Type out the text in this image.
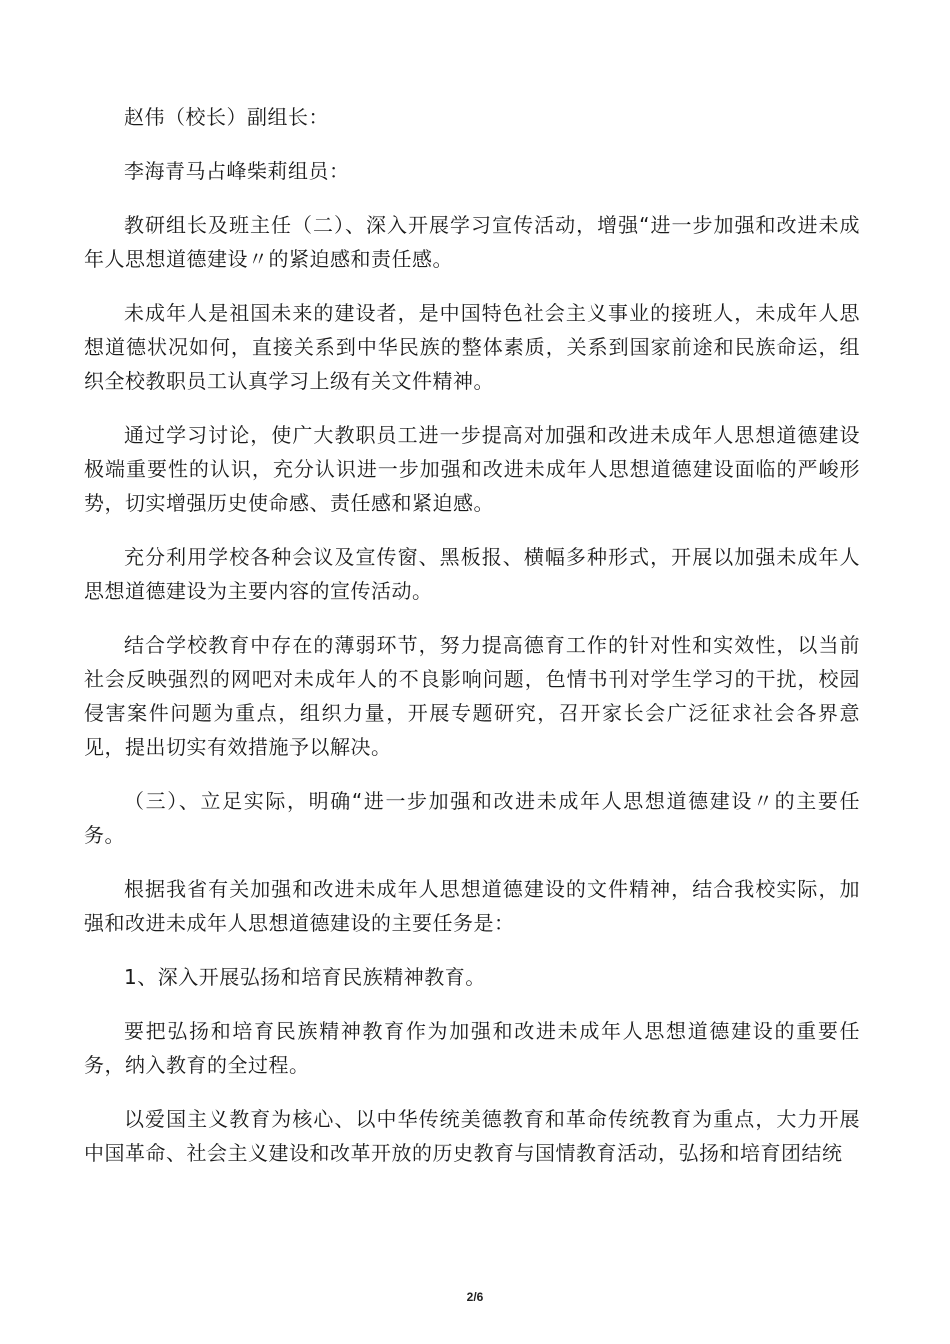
赵伟（校长）副组长：

李海青马占峰柴莉组员：

教研组长及班主任（二）、深入开展学习宣传活动，增强“进一步加强和改进未成年人思想道德建设〃的紧迫感和责任感。

未成年人是祖国未来的建设者，是中国特色社会主义事业的接班人，未成年人思想道德状况如何，直接关系到中华民族的整体素质，关系到国家前途和民族命运，组织全校教职员工认真学习上级有关文件精神。

通过学习讨论，使广大教职员工进一步提高对加强和改进未成年人思想道德建设极端重要性的认识，充分认识进一步加强和改进未成年人思想道德建设面临的严峻形势，切实增强历史使命感、责任感和紧迫感。

充分利用学校各种会议及宣传窗、黑板报、横幅多种形式，开展以加强未成年人思想道德建设为主要内容的宣传活动。

结合学校教育中存在的薄弱环节，努力提高德育工作的针对性和实效性，以当前社会反映强烈的网吧对未成年人的不良影响问题，色情书刊对学生学习的干扰，校园侵害案件问题为重点，组织力量，开展专题研究，召开家长会广泛征求社会各界意见，提出切实有效措施予以解决。

（三）、立足实际，明确“进一步加强和改进未成年人思想道德建设〃的主要任务。

根据我省有关加强和改进未成年人思想道德建设的文件精神，结合我校实际，加强和改进未成年人思想道德建设的主要任务是：

1、深入开展弘扬和培育民族精神教育。

要把弘扬和培育民族精神教育作为加强和改进未成年人思想道德建设的重要任务，纳入教育的全过程。

以爱国主义教育为核心、以中华传统美德教育和革命传统教育为重点，大力开展中国革命、社会主义建设和改革开放的历史教育与国情教育活动，弘扬和培育团结统

2/6
